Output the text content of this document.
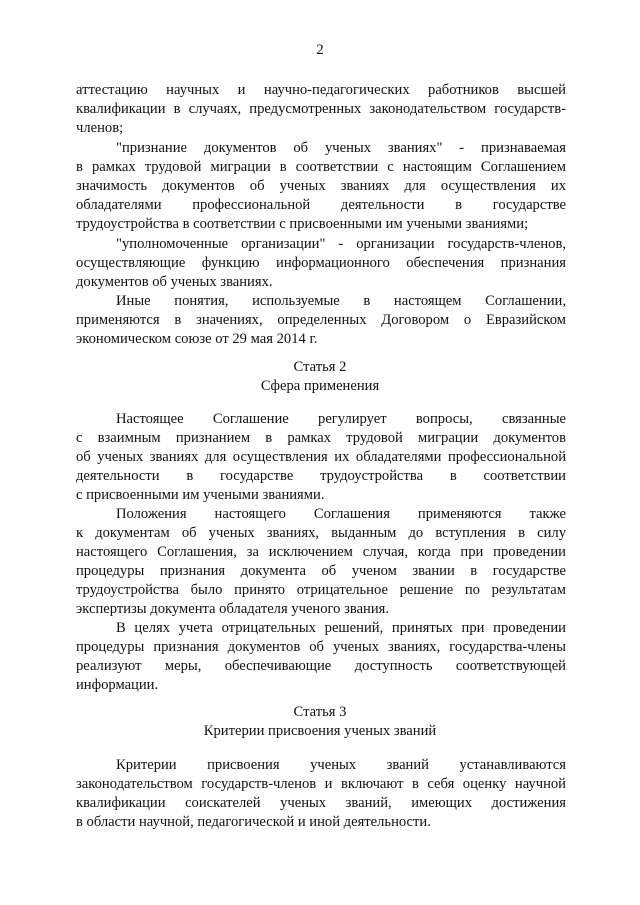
2
аттестацию научных и научно-педагогических работников высшей
квалификации в случаях, предусмотренных законодательством государств-
членов;
"признание документов об ученых званиях" - признаваемая
в рамках трудовой миграции в соответствии с настоящим Соглашением
значимость документов об ученых званиях для осуществления их
обладателями профессиональной деятельности в государстве
трудоустройства в соответствии с присвоенными им учеными званиями;
"уполномоченные организации" - организации государств-членов,
осуществляющие функцию информационного обеспечения признания
документов об ученых званиях.
Иные понятия, используемые в настоящем Соглашении,
применяются в значениях, определенных Договором о Евразийском
экономическом союзе от 29 мая 2014 г.
Статья 2
Сфера применения
Настоящее Соглашение регулирует вопросы, связанные
с взаимным признанием в рамках трудовой миграции документов
об ученых званиях для осуществления их обладателями профессиональной
деятельности в государстве трудоустройства в соответствии
с присвоенными им учеными званиями.
Положения настоящего Соглашения применяются также
к документам об ученых званиях, выданным до вступления в силу
настоящего Соглашения, за исключением случая, когда при проведении
процедуры признания документа об ученом звании в государстве
трудоустройства было принято отрицательное решение по результатам
экспертизы документа обладателя ученого звания.
В целях учета отрицательных решений, принятых при проведении
процедуры признания документов об ученых званиях, государства-члены
реализуют меры, обеспечивающие доступность соответствующей
информации.
Статья 3
Критерии присвоения ученых званий
Критерии присвоения ученых званий устанавливаются
законодательством государств-членов и включают в себя оценку научной
квалификации соискателей ученых званий, имеющих достижения
в области научной, педагогической и иной деятельности.
